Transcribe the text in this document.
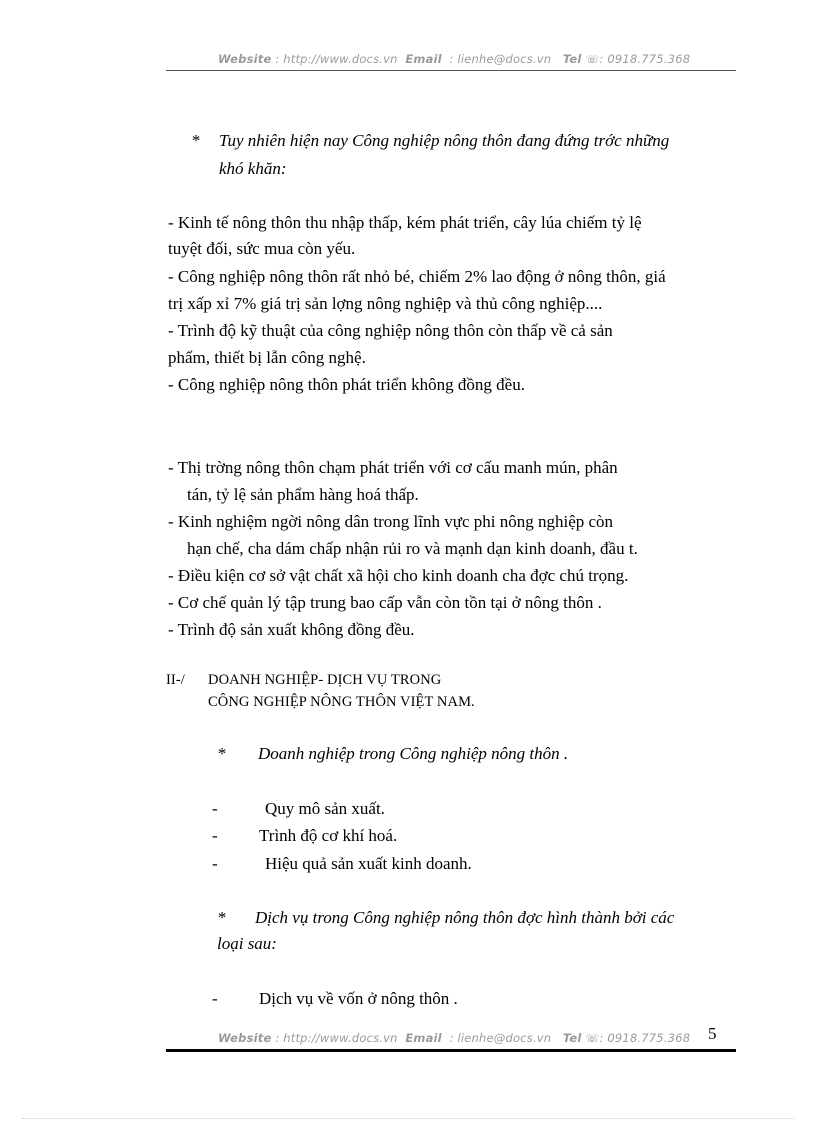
Website : http://www.docs.vn Email : lienhe@docs.vn Tel ☏: 0918.775.368
* Tuy nhiên hiện nay Công nghiệp nông thôn đang đứng trớc những
khó khăn:
- Kinh tế nông thôn thu nhập thấp, kém phát triển, cây lúa chiếm tỷ lệ
tuyệt đối, sức mua còn yếu.
- Công nghiệp nông thôn rất nhỏ bé, chiếm 2% lao động ở nông thôn, giá
trị xấp xỉ 7% giá trị sản lợng nông nghiệp và thủ công nghiệp....
- Trình độ kỹ thuật của công nghiệp nông thôn còn thấp về cả sản
phẩm, thiết bị lẫn công nghệ.
- Công nghiệp nông thôn phát triển không đồng đều.
- Thị trờng nông thôn chạm phát triển với cơ cấu manh mún, phân
tán, tỷ lệ sản phẩm hàng hoá thấp.
- Kinh nghiệm ngời nông dân trong lĩnh vực phi nông nghiệp còn
hạn chế, cha dám chấp nhận rủi ro và mạnh dạn kinh doanh, đầu t.
- Điều kiện cơ sở vật chất xã hội cho kinh doanh cha đợc chú trọng.
- Cơ chế quản lý tập trung bao cấp vẫn còn tồn tại ở nông thôn .
- Trình độ sản xuất không đồng đều.
II-/ DOANH NGHIỆP- DỊCH VỤ TRONG
CÔNG NGHIỆP NÔNG THÔN VIỆT NAM.
* Doanh nghiệp trong Công nghiệp nông thôn .
-	Quy mô sản xuất.
- Trình độ cơ khí hoá.
-	Hiệu quả sản xuất kinh doanh.
* Dịch vụ trong Công nghiệp nông thôn đợc hình thành bởi các
loại sau:
- Dịch vụ về vốn ở nông thôn .
Website : http://www.docs.vn Email : lienhe@docs.vn Tel ☏: 0918.775.368 5
